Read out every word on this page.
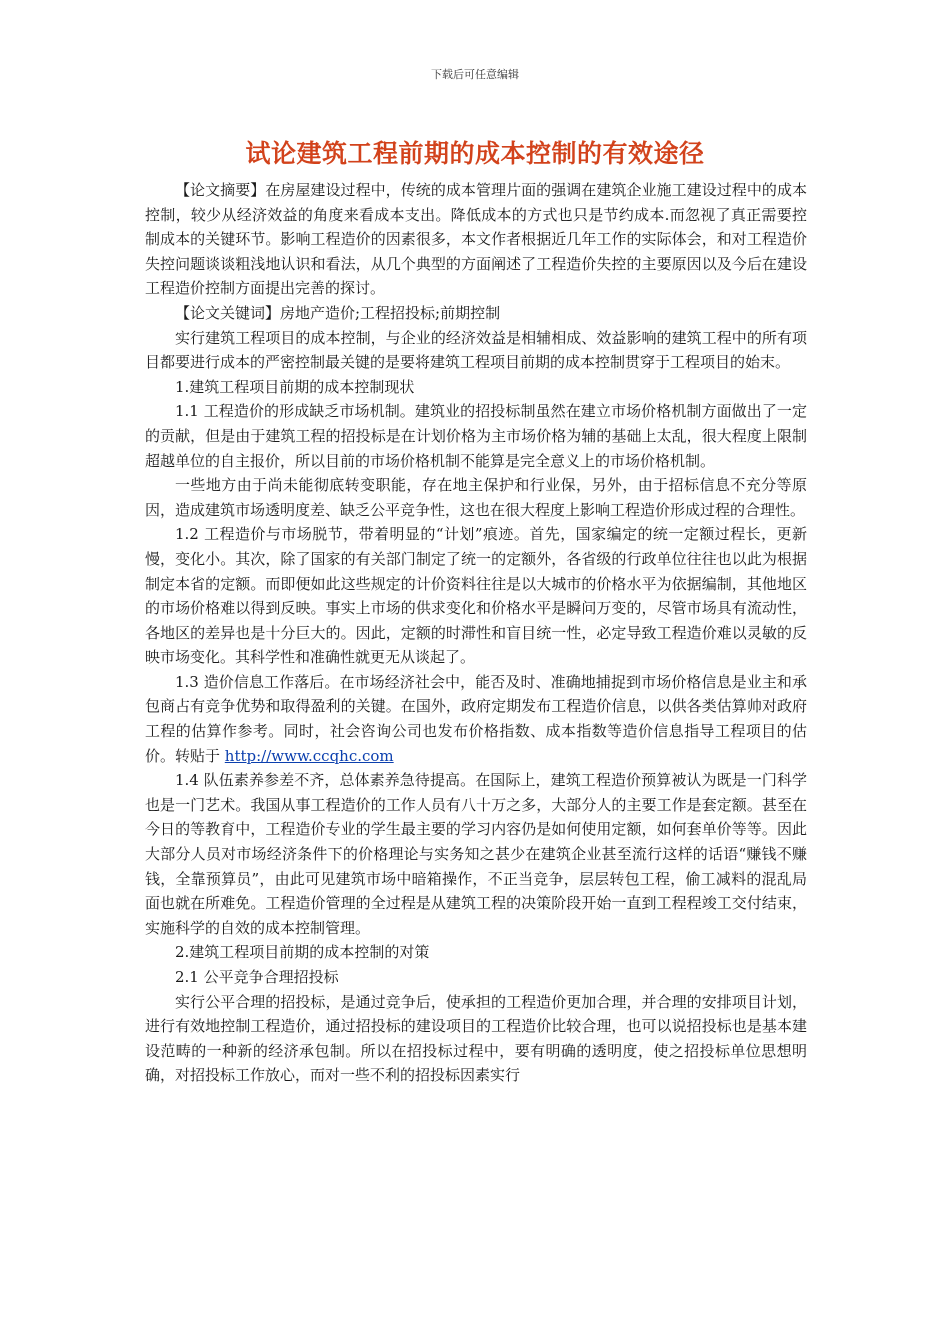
下载后可任意编辑
试论建筑工程前期的成本控制的有效途径

【论文摘要】在房屋建设过程中，传统的成本管理片面的强调在建筑企业施工建设过程中的成本控制，较少从经济效益的角度来看成本支出。降低成本的方式也只是节约成本.而忽视了真正需要控制成本的关键环节。影响工程造价的因素很多，本文作者根据近几年工作的实际体会，和对工程造价失控问题谈谈粗浅地认识和看法，从几个典型的方面阐述了工程造价失控的主要原因以及今后在建设工程造价控制方面提出完善的探讨。

【论文关键词】房地产造价;工程招投标;前期控制

实行建筑工程项目的成本控制，与企业的经济效益是相辅相成、效益影响的建筑工程中的所有项目都要进行成本的严密控制最关键的是要将建筑工程项目前期的成本控制贯穿于工程项目的始末。

1.建筑工程项目前期的成本控制现状

1.1 工程造价的形成缺乏市场机制。建筑业的招投标制虽然在建立市场价格机制方面做出了一定的贡献，但是由于建筑工程的招投标是在计划价格为主市场价格为辅的基础上太乱，很大程度上限制超越单位的自主报价，所以目前的市场价格机制不能算是完全意义上的市场价格机制。

一些地方由于尚未能彻底转变职能，存在地主保护和行业保，另外，由于招标信息不充分等原因，造成建筑市场透明度差、缺乏公平竞争性，这也在很大程度上影响工程造价形成过程的合理性。

1.2 工程造价与市场脱节，带着明显的“计划”痕迹。首先，国家编定的统一定额过程长，更新慢，变化小。其次，除了国家的有关部门制定了统一的定额外，各省级的行政单位往往也以此为根据制定本省的定额。而即便如此这些规定的计价资料往往是以大城市的价格水平为依据编制，其他地区的市场价格难以得到反映。事实上市场的供求变化和价格水平是瞬问万变的，尽管市场具有流动性，各地区的差异也是十分巨大的。因此，定额的时滞性和盲目统一性，必定导致工程造价难以灵敏的反映市场变化。其科学性和准确性就更无从谈起了。

1.3 造价信息工作落后。在市场经济社会中，能否及时、准确地捕捉到市场价格信息是业主和承包商占有竞争优势和取得盈利的关键。在国外，政府定期发布工程造价信息，以供各类估算帅对政府工程的估算作参考。同时，社会咨询公司也发布价格指数、成本指数等造价信息指导工程项目的估价。转贴于 http://www.ccqhc.com

1.4 队伍素养参差不齐，总体素养急待提高。在国际上，建筑工程造价预算被认为既是一门科学也是一门艺术。我国从事工程造价的工作人员有八十万之多，大部分人的主要工作是套定额。甚至在今日的等教育中，工程造价专业的学生最主要的学习内容仍是如何使用定额，如何套单价等等。因此大部分人员对市场经济条件下的价格理论与实务知之甚少在建筑企业甚至流行这样的话语“赚钱不赚钱，全靠预算员”，由此可见建筑市场中暗箱操作，不正当竞争，层层转包工程，偷工减料的混乱局面也就在所难免。工程造价管理的全过程是从建筑工程的决策阶段开始一直到工程程竣工交付结束，实施科学的自效的成本控制管理。

2.建筑工程项目前期的成本控制的对策

2.1 公平竞争合理招投标

实行公平合理的招投标，是通过竞争后，使承担的工程造价更加合理，并合理的安排项目计划，进行有效地控制工程造价，通过招投标的建设项目的工程造价比较合理，也可以说招投标也是基本建设范畴的一种新的经济承包制。所以在招投标过程中，要有明确的透明度，使之招投标单位思想明确，对招投标工作放心，而对一些不利的招投标因素实行
